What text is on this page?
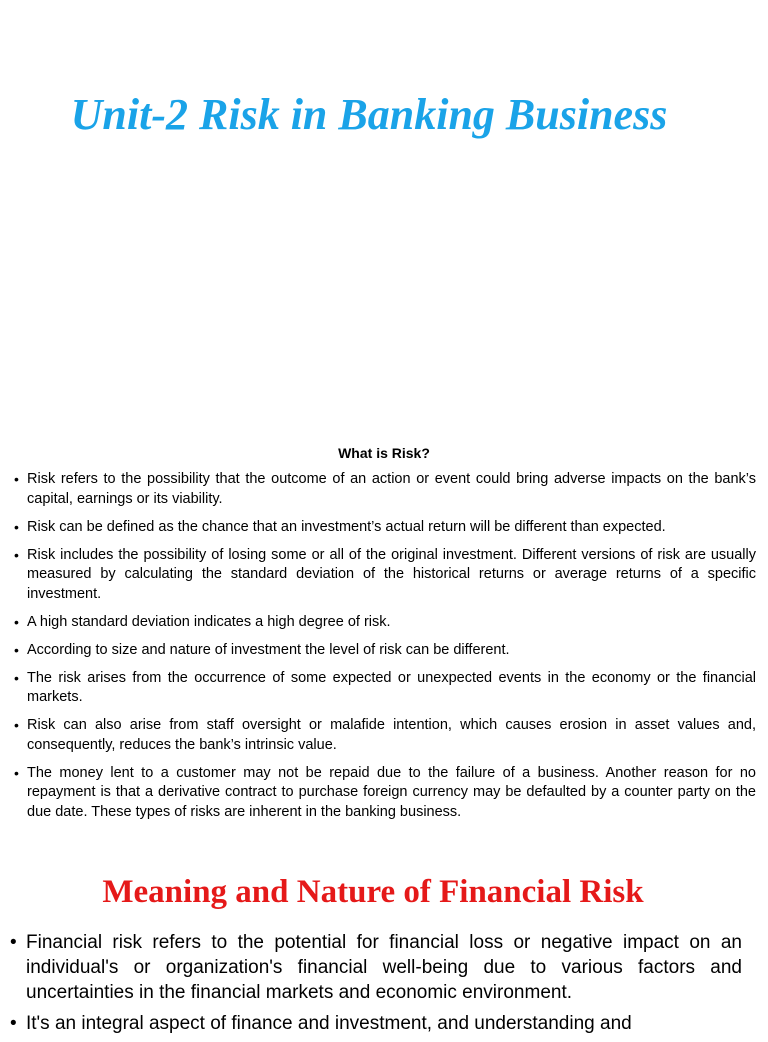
Unit-2 Risk in Banking Business
What is Risk?
• Risk refers to the possibility that the outcome of an action or event could bring adverse impacts on the bank’s capital, earnings or its viability.
• Risk can be defined as the chance that an investment’s actual return will be different than expected.
• Risk includes the possibility of losing some or all of the original investment. Different versions of risk are usually measured by calculating the standard deviation of the historical returns or average returns of a specific investment.
• A high standard deviation indicates a high degree of risk.
• According to size and nature of investment the level of risk can be different.
• The risk arises from the occurrence of some expected or unexpected events in the economy or the financial markets.
• Risk can also arise from staff oversight or malafide intention, which causes erosion in asset values and, consequently, reduces the bank’s intrinsic value.
• The money lent to a customer may not be repaid due to the failure of a business. Another reason for no repayment is that a derivative contract to purchase foreign currency may be defaulted by a counter party on the due date. These types of risks are inherent in the banking business.
Meaning and Nature of Financial Risk
• Financial risk refers to the potential for financial loss or negative impact on an individual's or organization's financial well-being due to various factors and uncertainties in the financial markets and economic environment.
• It's an integral aspect of finance and investment, and understanding and
